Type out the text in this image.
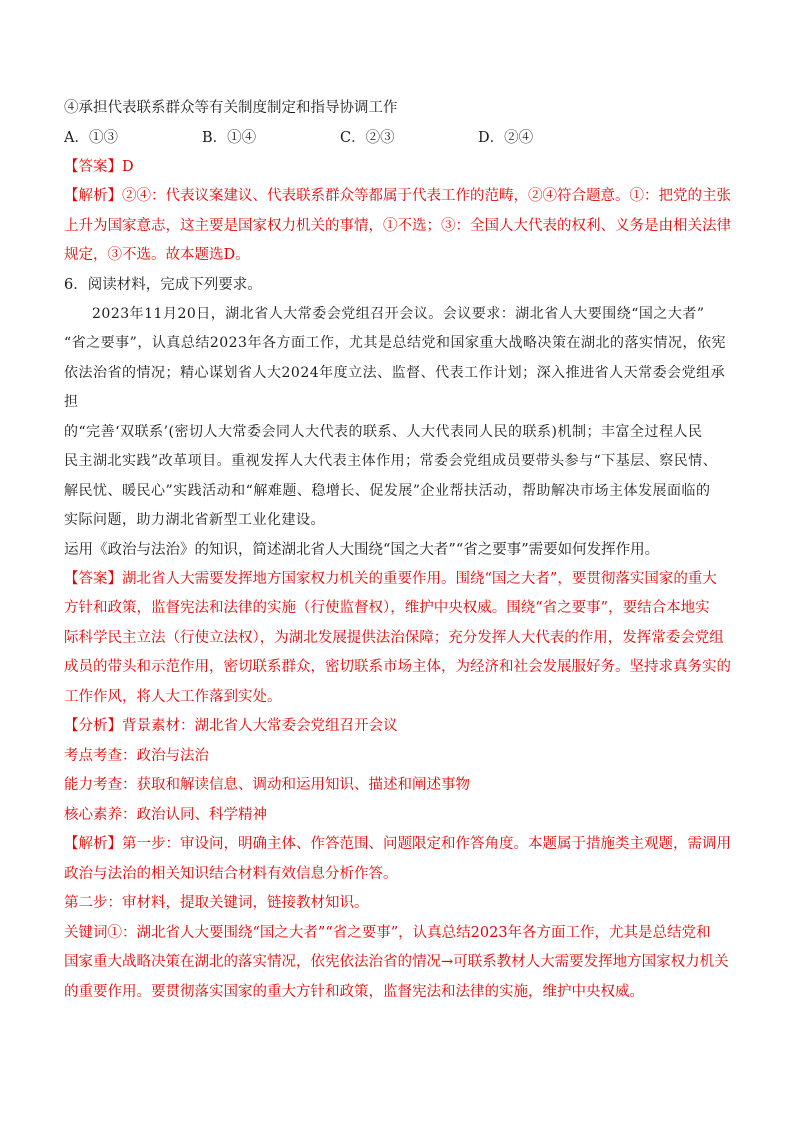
④承担代表联系群众等有关制度制定和指导协调工作

A．①③	B．①④	C．②③	D．②④

【答案】D

【解析】②④：代表议案建议、代表联系群众等都属于代表工作的范畴，②④符合题意。①：把党的主张

上升为国家意志，这主要是国家权力机关的事情，①不选；③：全国人大代表的权利、义务是由相关法律

规定，③不选。故本题选D。

6．阅读材料，完成下列要求。

2023年11月20日，湖北省人大常委会党组召开会议。会议要求：湖北省人大要围绕“国之大者”

“省之要事”，认真总结2023年各方面工作，尤其是总结党和国家重大战略决策在湖北的落实情况，依宪

依法治省的情况；精心谋划省人大2024年度立法、监督、代表工作计划；深入推进省人天常委会党组承担

的“完善‘双联系’(密切人大常委会同人大代表的联系、人大代表同人民的联系)机制；丰富全过程人民

民主湖北实践”改革项目。重视发挥人大代表主体作用；常委会党组成员要带头参与“下基层、察民情、

解民忧、暖民心”实践活动和“解难题、稳增长、促发展”企业帮扶活动，帮助解决市场主体发展面临的

实际问题，助力湖北省新型工业化建设。

运用《政治与法治》的知识，简述湖北省人大围绕“国之大者”“省之要事”需要如何发挥作用。

【答案】湖北省人大需要发挥地方国家权力机关的重要作用。围绕“国之大者”，要贯彻落实国家的重大

方针和政策，监督宪法和法律的实施（行使监督权），维护中央权威。围绕“省之要事”，要结合本地实

际科学民主立法（行使立法权），为湖北发展提供法治保障；充分发挥人大代表的作用，发挥常委会党组

成员的带头和示范作用，密切联系群众，密切联系市场主体，为经济和社会发展服好务。坚持求真务实的

工作作风，将人大工作落到实处。

【分析】背景素材：湖北省人大常委会党组召开会议

考点考查：政治与法治

能力考查：获取和解读信息、调动和运用知识、描述和阐述事物

核心素养：政治认同、科学精神

【解析】第一步：审设问，明确主体、作答范围、问题限定和作答角度。本题属于措施类主观题，需调用

政治与法治的相关知识结合材料有效信息分析作答。

第二步：审材料，提取关键词，链接教材知识。

关键词①：湖北省人大要围绕“国之大者”“省之要事”，认真总结2023年各方面工作，尤其是总结党和

国家重大战略决策在湖北的落实情况，依宪依法治省的情况→可联系教材人大需要发挥地方国家权力机关

的重要作用。要贯彻落实国家的重大方针和政策，监督宪法和法律的实施，维护中央权威。
